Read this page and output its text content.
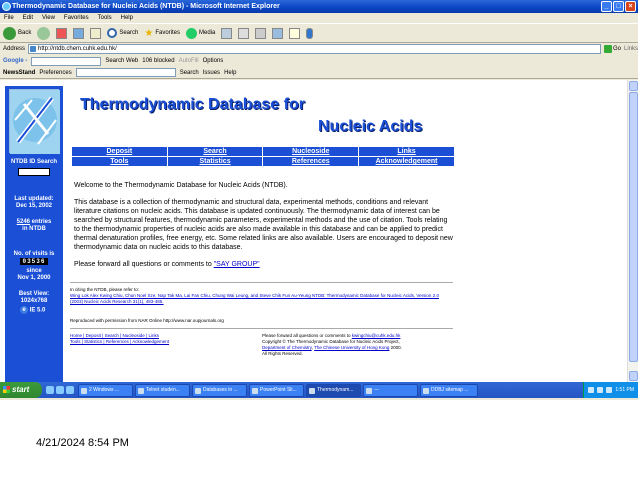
Thermodynamic Database for Nucleic Acids (NTDB) - Microsoft Internet Explorer	_	□	×
File Edit View Favorites Tools Help
Back	Search ★ Favorites	Media
Address	http://ntdb.chem.cuhk.edu.hk/	Go Links
Google -	Search Web 106 blocked AutoFill Options
NewsStand Preferences	Search Issues Help
NTDB ID Search
Last updated:
Dec 15, 2002
5246 entries
in NTDB
No. of visits is
03536
since
Nov 1, 2000
Best View:
1024x768
e IE 5.0
Thermodynamic Database for
Nucleic Acids
Deposit	Search	Nucleoside	Links
Tools	Statistics	References	Acknowledgement

Welcome to the Thermodynamic Database for Nucleic Acids (NTDB).

This database is a collection of thermodynamic and structural data, experimental methods, conditions and relevant literature citations on nucleic acids. This database is updated continuously. The thermodynamic data of interest can be searched by structural features, thermodynamic parameters, experimental methods and the use of citation. Tools relating to the thermodynamic properties of nucleic acids are also made available in this database and can be applied to predict thermal denaturation profiles, free energy, etc. Some related links are also available. Users are encouraged to deposit new thermodynamic data on nucleic acids to this database.

Please forward all questions or comments to "SAY GROUP"

In citing the NTDB, please refer to:
Wing Lok Alex Kwing Chiu, Chun Noel Sze, Nap Tak Ma, Lai Fan Chiu, Chung Wai Leung, and Steve Chik Fun Au-Yeung NTDB: Thermodynamic Database for Nucleic Acids, Version 2.0 (2003) Nucleic Acids Research 31(1), 483-485.
Reproduced with permission from NAR Online http://www.nar.oupjournals.org
Home | Deposit | Search | Nucleoside | Links
Tools | Statistics | References | Acknowledgement
Please forward all questions or comments to kwingchiu@cuhk.edu.hk
Copyright © The Thermodynamic Database for Nucleic Acids Project,
Department of Chemistry, The Chinese University of Hong Kong 2000.
All Rights Reserved.
start	2 Windows ...	Telnet studen...	Databases in ...	PowerPoint Sli...	Thermodynam...	---	DDBJ sitemap ...	1:51 PM
4/21/2024 8:54 PM
